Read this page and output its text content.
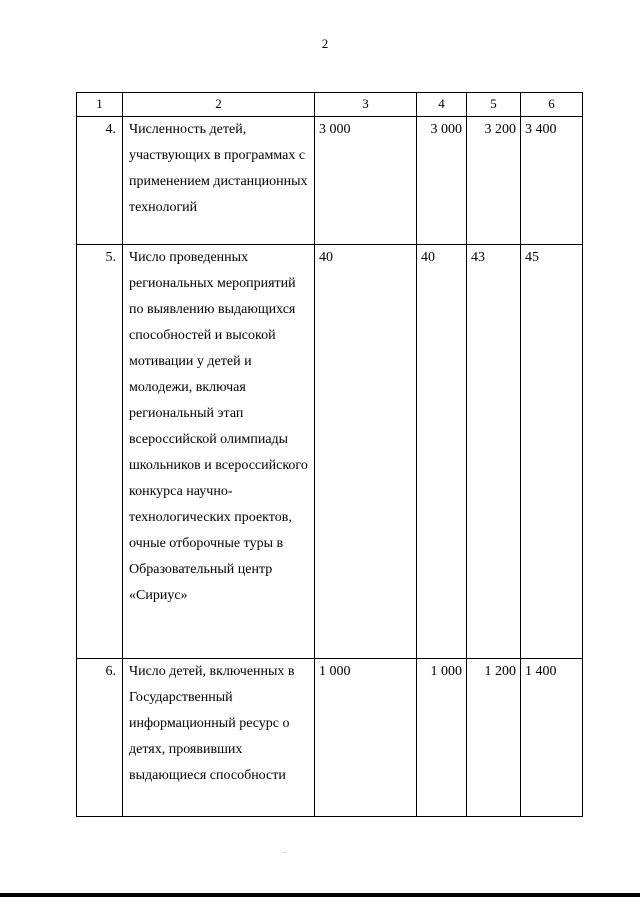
2
1	2	3	4	5	6
4.	Численность детей, участвующих в программах с применением дистанционных технологий	3 000	3 000	3 200	3 400
5.	Число проведенных региональных мероприятий по выявлению выдающихся способностей и высокой мотивации у детей и молодежи, включая региональный этап всероссийской олимпиады школьников и всероссийского конкурса научно-технологических проектов, очные отборочные туры в Образовательный центр «Сириус»	40	40	43	45
6.	Число детей, включенных в Государственный информационный ресурс о детях, проявивших выдающиеся способности	1 000	1 000	1 200	1 400
